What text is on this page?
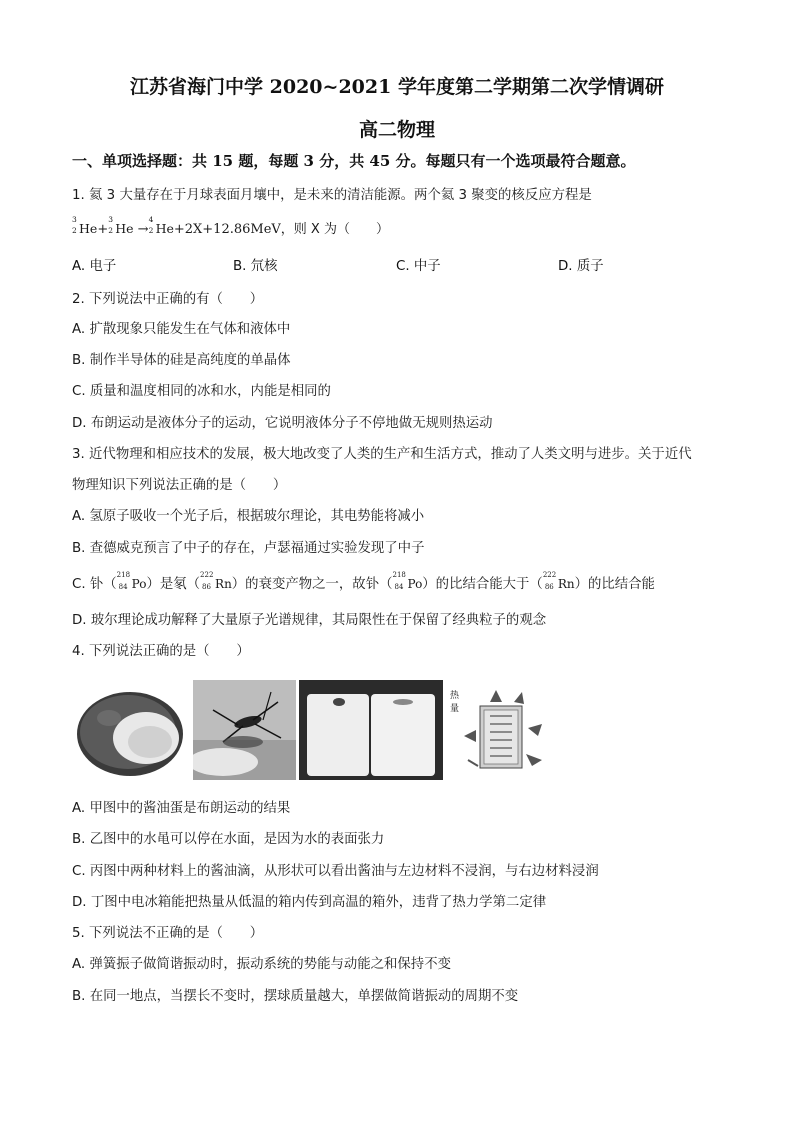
江苏省海门中学 2020~2021 学年度第二学期第二次学情调研
高二物理
一、单项选择题：共 15 题，每题 3 分，共 45 分。每题只有一个选项最符合题意。
1. 氦 3 大量存在于月球表面月壤中，是未来的清洁能源。两个氦 3 聚变的核反应方程是
3
2 He+
3
2 He →
4
2 He+2X+12.86MeV，则 X 为（　　）
A. 电子	B. 氘核	C. 中子	D. 质子
2. 下列说法中正确的有（　　）
A. 扩散现象只能发生在气体和液体中
B. 制作半导体的硅是高纯度的单晶体
C. 质量和温度相同的冰和水，内能是相同的
D. 布朗运动是液体分子的运动，它说明液体分子不停地做无规则热运动
3. 近代物理和相应技术的发展，极大地改变了人类的生产和生活方式，推动了人类文明与进步。关于近代
物理知识下列说法正确的是（　　）
A. 氢原子吸收一个光子后，根据玻尔理论，其电势能将减小
B. 查德威克预言了中子的存在，卢瑟福通过实验发现了中子
C. 钋（
218
84 Po）是氡（
222
86 Rn）的衰变产物之一，故钋（
218
84 Po）的比结合能大于（
222
86 Rn）的比结合能
D. 玻尔理论成功解释了大量原子光谱规律，其局限性在于保留了经典粒子的观念
4. 下列说法正确的是（　　）
热量
A. 甲图中的酱油蛋是布朗运动的结果
B. 乙图中的水黾可以停在水面，是因为水的表面张力
C. 丙图中两种材料上的酱油滴，从形状可以看出酱油与左边材料不浸润，与右边材料浸润
D. 丁图中电冰箱能把热量从低温的箱内传到高温的箱外，违背了热力学第二定律
5. 下列说法不正确的是（　　）
A. 弹簧振子做简谐振动时，振动系统的势能与动能之和保持不变
B. 在同一地点，当摆长不变时，摆球质量越大，单摆做简谐振动的周期不变
